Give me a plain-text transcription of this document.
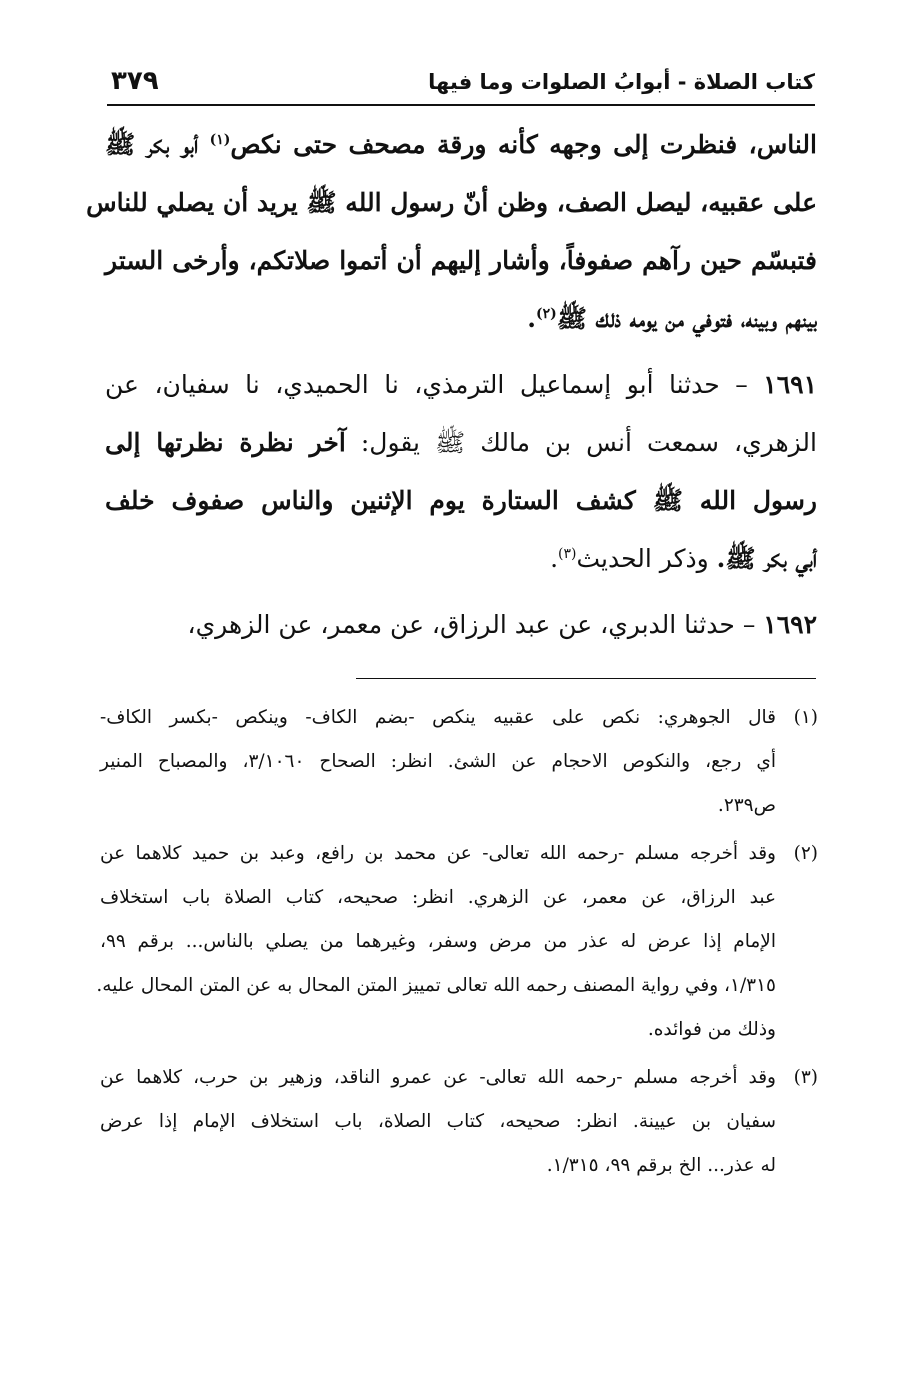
كتاب الصلاة - أبوابُ الصلوات وما فيها
٣٧٩
الناس، فنظرت إلى وجهه كأنه ورقة مصحف حتى نكص$^{(١)}$ أبو بكر ﷺ
على عقبيه، ليصل الصف، وظن أنّ رسول الله ﷺ يريد أن يصلي للناس
فتبسّم حين رآهم صفوفاً، وأشار إليهم أن أتموا صلاتكم، وأرخى الستر
بينهم وبينه، فتوفي من يومه ذلك ﷺ$^{(٢)}$.
١٦٩١ – حدثنا أبو إسماعيل الترمذي، نا الحميدي، نا سفيان، عن
الزهري، سمعت أنس بن مالك ﷺ يقول: آخر نظرة نظرتها إلى
رسول الله ﷺ كشف الستارة يوم الإثنين والناس صفوف خلف
أبي بكر ﷺ. وذكر الحديث$^{(٣)}$.
١٦٩٢ – حدثنا الدبري، عن عبد الرزاق، عن معمر، عن الزهري،
(١)
قال الجوهري: نكص على عقبيه ينكص -بضم الكاف- وينكص -بكسر الكاف-
أي رجع، والنكوص الاحجام عن الشئ. انظر: الصحاح ٣/١٠٦٠، والمصباح المنير
ص٢٣٩.
(٢)
وقد أخرجه مسلم -رحمه الله تعالى- عن محمد بن رافع، وعبد بن حميد كلاهما عن
عبد الرزاق، عن معمر، عن الزهري. انظر: صحيحه، كتاب الصلاة باب استخلاف
الإمام إذا عرض له عذر من مرض وسفر، وغيرهما من يصلي بالناس... برقم ٩٩،
١/٣١٥، وفي رواية المصنف رحمه الله تعالى تمييز المتن المحال به عن المتن المحال عليه.
وذلك من فوائده.
(٣)
وقد أخرجه مسلم -رحمه الله تعالى- عن عمرو الناقد، وزهير بن حرب، كلاهما عن
سفيان بن عيينة. انظر: صحيحه، كتاب الصلاة، باب استخلاف الإمام إذا عرض
له عذر... الخ برقم ٩٩، ١/٣١٥.
